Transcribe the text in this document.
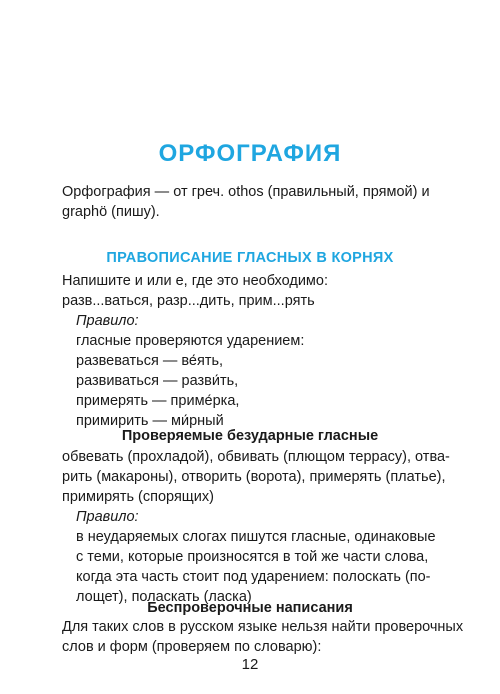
ОРФОГРАФИЯ
Орфография — от греч. othos (правильный, прямой) и
graphö (пишу).
ПРАВОПИСАНИЕ ГЛАСНЫХ В КОРНЯХ
Напишите и или е, где это необходимо:
разв...ваться, разр...дить, прим...рять
Правило:
гласные проверяются ударением:
развеваться — ве́ять,
развиваться — разви́ть,
примерять — приме́рка,
примирить — ми́рный
Проверяемые безударные гласные
обвевать (прохладой), обвивать (плющом террасу), отва-
рить (макароны), отворить (ворота), примерять (платье),
примирять (спорящих)
Правило:
в неударяемых слогах пишутся гласные, одинаковые
с теми, которые произносятся в той же части слова,
когда эта часть стоит под ударением: полоскать (по-
лощет), поласкать (ласка)
Беспроверочные написания
Для таких слов в русском языке нельзя найти проверочных
слов и форм (проверяем по словарю):
12
